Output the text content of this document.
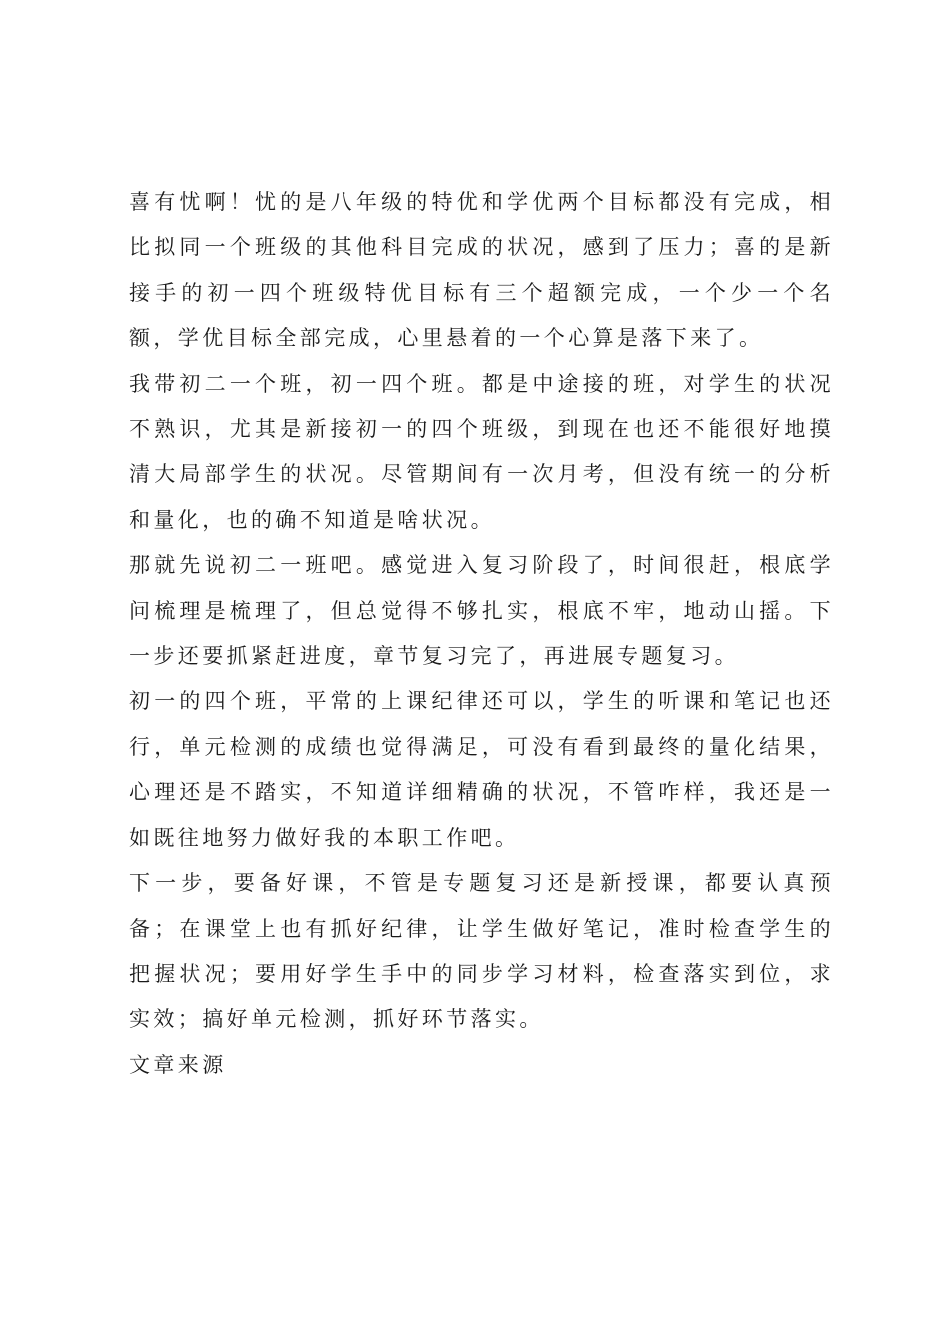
喜有忧啊！忧的是八年级的特优和学优两个目标都没有完成，相比拟同一个班级的其他科目完成的状况，感到了压力；喜的是新接手的初一四个班级特优目标有三个超额完成，一个少一个名额，学优目标全部完成，心里悬着的一个心算是落下来了。

我带初二一个班，初一四个班。都是中途接的班，对学生的状况不熟识，尤其是新接初一的四个班级，到现在也还不能很好地摸清大局部学生的状况。尽管期间有一次月考，但没有统一的分析和量化，也的确不知道是啥状况。

那就先说初二一班吧。感觉进入复习阶段了，时间很赶，根底学问梳理是梳理了，但总觉得不够扎实，根底不牢，地动山摇。下一步还要抓紧赶进度，章节复习完了，再进展专题复习。

初一的四个班，平常的上课纪律还可以，学生的听课和笔记也还行，单元检测的成绩也觉得满足，可没有看到最终的量化结果，心理还是不踏实，不知道详细精确的状况，不管咋样，我还是一如既往地努力做好我的本职工作吧。

下一步，要备好课，不管是专题复习还是新授课，都要认真预备；在课堂上也有抓好纪律，让学生做好笔记，准时检查学生的把握状况；要用好学生手中的同步学习材料，检查落实到位，求实效；搞好单元检测，抓好环节落实。

文章来源
